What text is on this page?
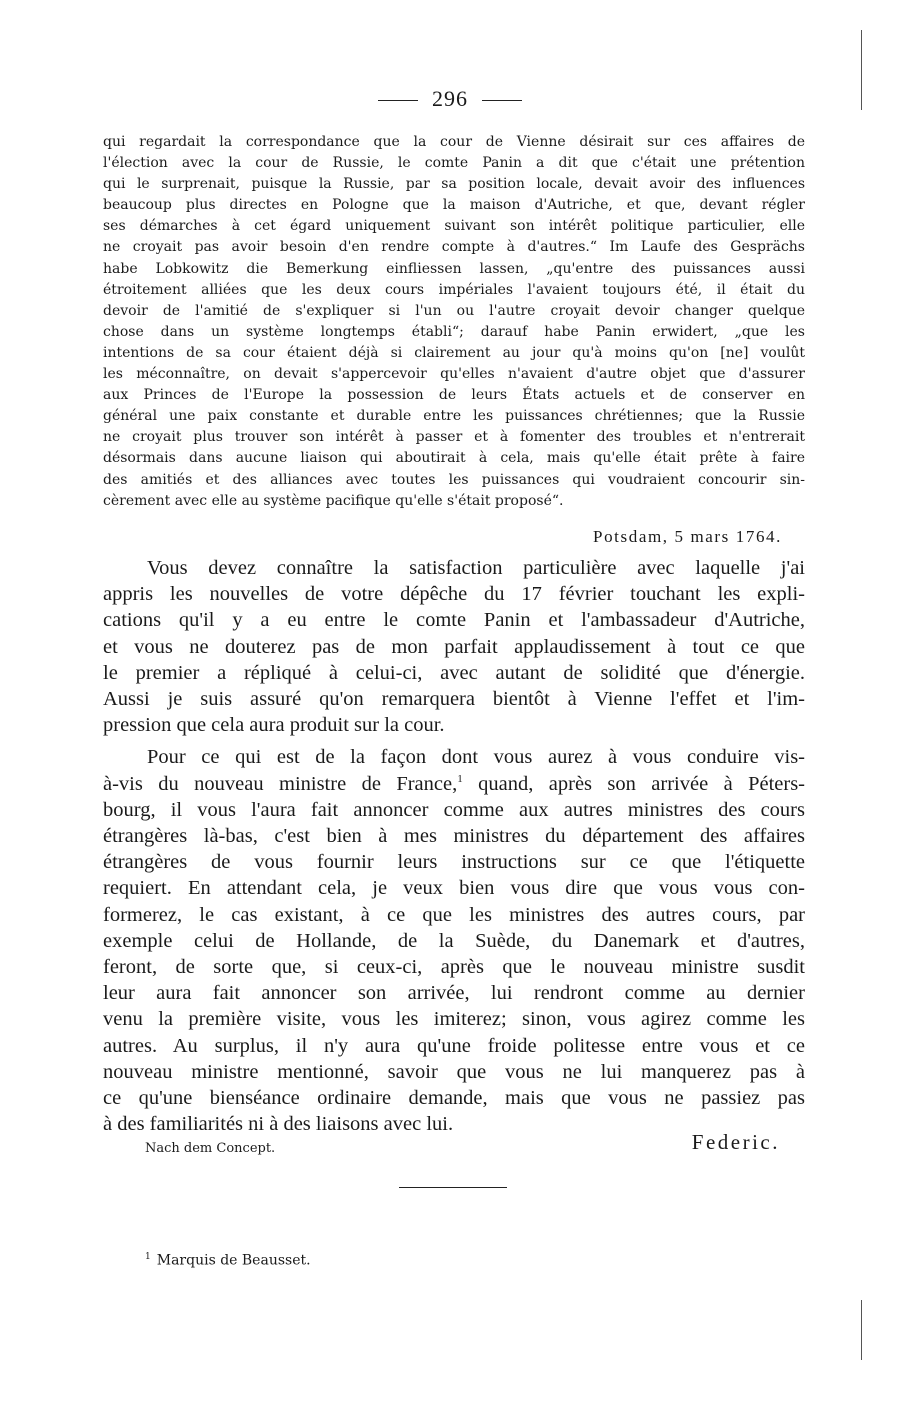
296
qui regardait la correspondance que la cour de Vienne désirait sur ces affaires de
l'élection avec la cour de Russie, le comte Panin a dit que c'était une prétention
qui le surprenait, puisque la Russie, par sa position locale, devait avoir des influences
beaucoup plus directes en Pologne que la maison d'Autriche, et que, devant régler
ses démarches à cet égard uniquement suivant son intérêt politique particulier, elle
ne croyait pas avoir besoin d'en rendre compte à d'autres.“ Im Laufe des Gesprächs
habe Lobkowitz die Bemerkung einfliessen lassen, „qu'entre des puissances aussi
étroitement alliées que les deux cours impériales l'avaient toujours été, il était du
devoir de l'amitié de s'expliquer si l'un ou l'autre croyait devoir changer quelque
chose dans un système longtemps établi“; darauf habe Panin erwidert, „que les
intentions de sa cour étaient déjà si clairement au jour qu'à moins qu'on [ne] voulût
les méconnaître, on devait s'appercevoir qu'elles n'avaient d'autre objet que d'assurer
aux Princes de l'Europe la possession de leurs États actuels et de conserver en
général une paix constante et durable entre les puissances chrétiennes; que la Russie
ne croyait plus trouver son intérêt à passer et à fomenter des troubles et n'entrerait
désormais dans aucune liaison qui aboutirait à cela, mais qu'elle était prête à faire
des amitiés et des alliances avec toutes les puissances qui voudraient concourir sin-
cèrement avec elle au système pacifique qu'elle s'était proposé“.
Potsdam, 5 mars 1764.
Vous devez connaître la satisfaction particulière avec laquelle j'ai
appris les nouvelles de votre dépêche du 17 février touchant les expli-
cations qu'il y a eu entre le comte Panin et l'ambassadeur d'Autriche,
et vous ne douterez pas de mon parfait applaudissement à tout ce que
le premier a répliqué à celui-ci, avec autant de solidité que d'énergie.
Aussi je suis assuré qu'on remarquera bientôt à Vienne l'effet et l'im-
pression que cela aura produit sur la cour.
Pour ce qui est de la façon dont vous aurez à vous conduire vis-
à-vis du nouveau ministre de France,$^1$ quand, après son arrivée à Péters-
bourg, il vous l'aura fait annoncer comme aux autres ministres des cours
étrangères là-bas, c'est bien à mes ministres du département des affaires
étrangères de vous fournir leurs instructions sur ce que l'étiquette
requiert. En attendant cela, je veux bien vous dire que vous vous con-
formerez, le cas existant, à ce que les ministres des autres cours, par
exemple celui de Hollande, de la Suède, du Danemark et d'autres,
feront, de sorte que, si ceux-ci, après que le nouveau ministre susdit
leur aura fait annoncer son arrivée, lui rendront comme au dernier
venu la première visite, vous les imiterez; sinon, vous agirez comme les
autres. Au surplus, il n'y aura qu'une froide politesse entre vous et ce
nouveau ministre mentionné, savoir que vous ne lui manquerez pas à
ce qu'une bienséance ordinaire demande, mais que vous ne passiez pas
à des familiarités ni à des liaisons avec lui.
Nach dem Concept.	Federic.
$^1$ Marquis de Beausset.
